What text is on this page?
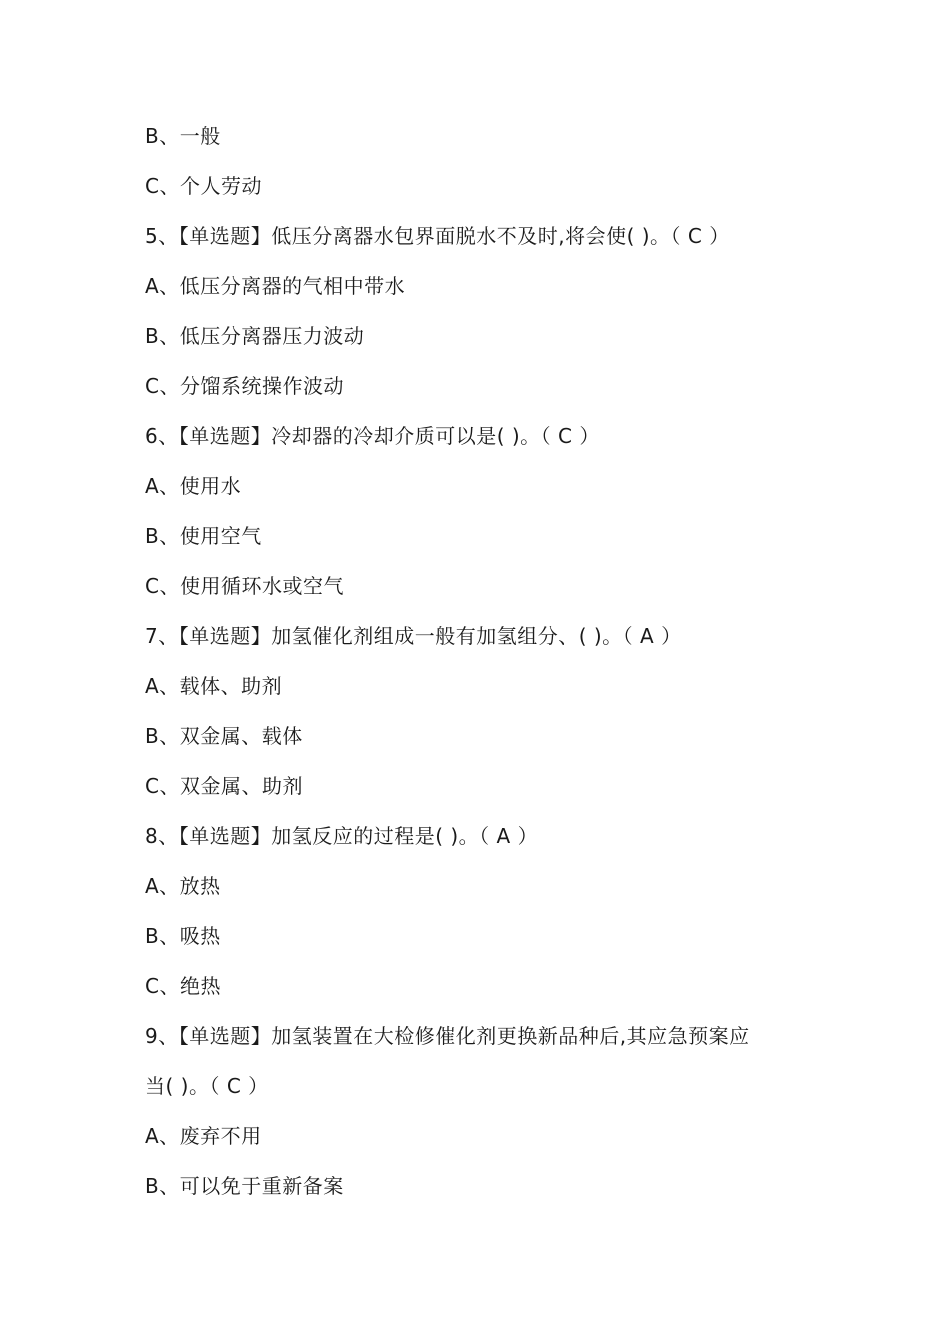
B、一般
C、个人劳动
5、【单选题】低压分离器水包界面脱水不及时,将会使( )。（ C ）
A、低压分离器的气相中带水
B、低压分离器压力波动
C、分馏系统操作波动
6、【单选题】冷却器的冷却介质可以是( )。（ C ）
A、使用水
B、使用空气
C、使用循环水或空气
7、【单选题】加氢催化剂组成一般有加氢组分、( )。（ A ）
A、载体、助剂
B、双金属、载体
C、双金属、助剂
8、【单选题】加氢反应的过程是( )。（ A ）
A、放热
B、吸热
C、绝热
9、【单选题】加氢装置在大检修催化剂更换新品种后,其应急预案应
当( )。（ C ）
A、废弃不用
B、可以免于重新备案
